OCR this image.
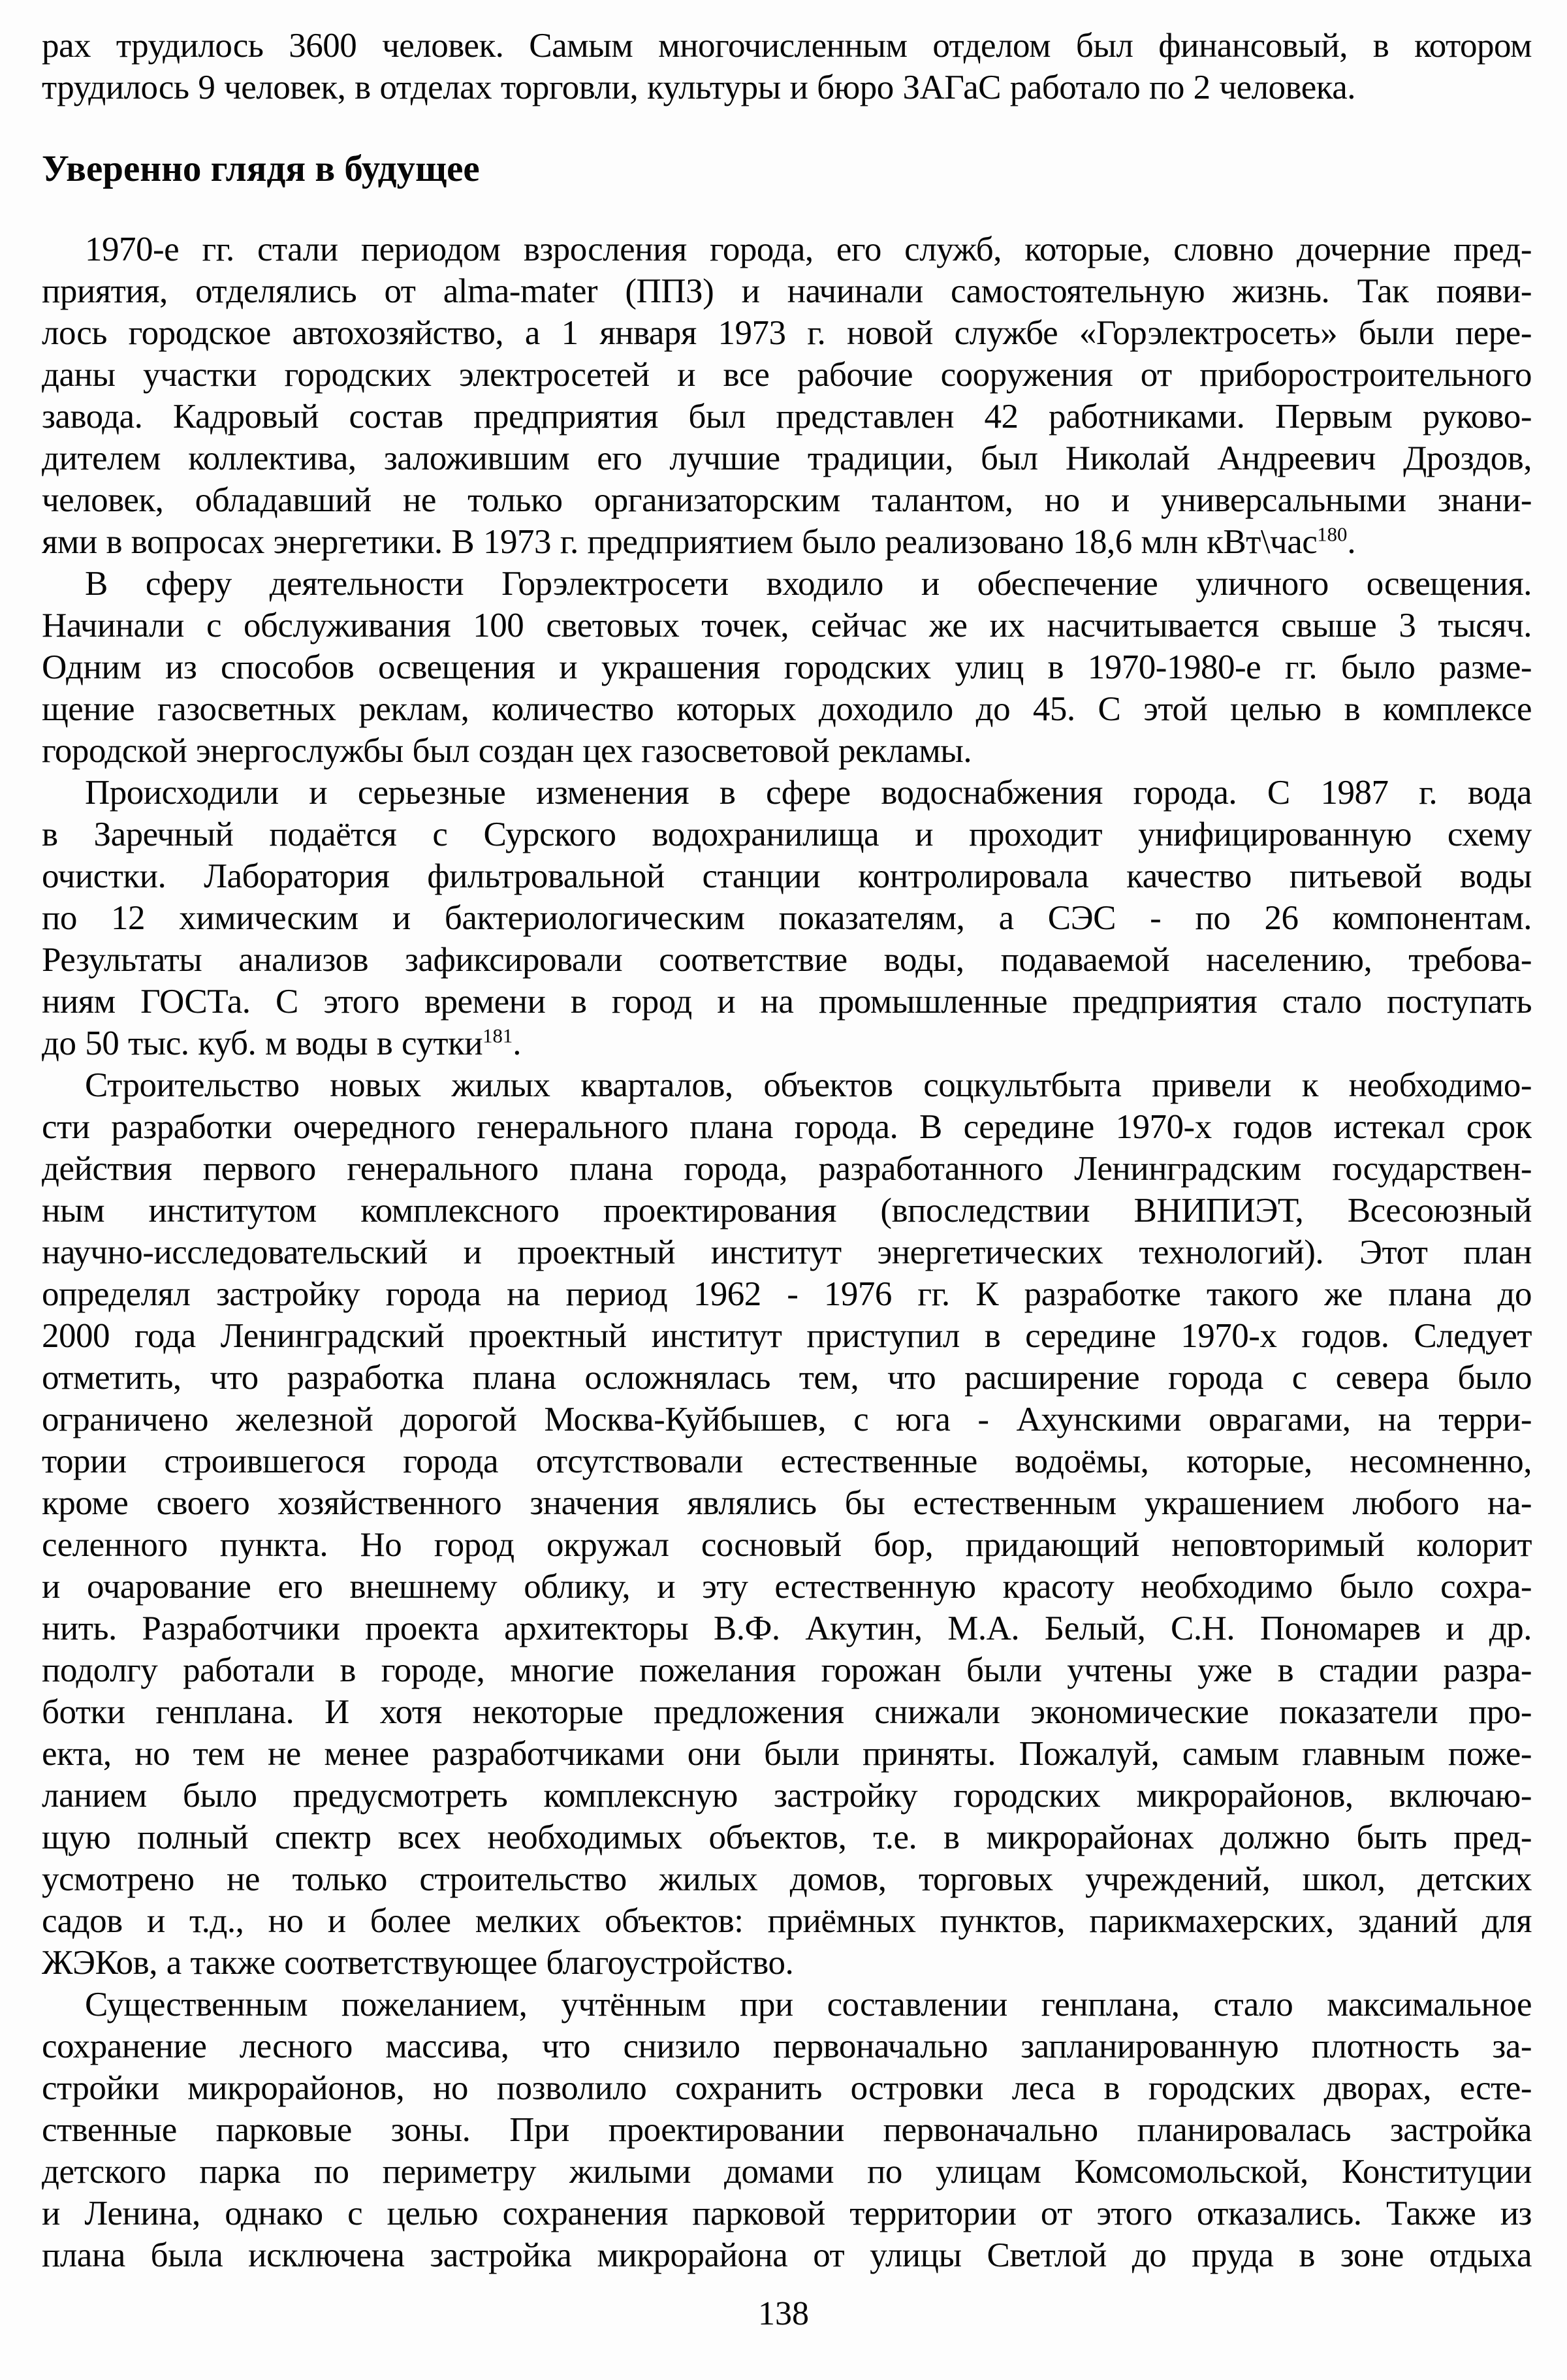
рах трудилось 3600 человек. Самым многочисленным отделом был финансовый, в котором
трудилось 9 человек, в отделах торговли, культуры и бюро ЗАГаС работало по 2 человека.
Уверенно глядя в будущее
1970-е гг. стали периодом взросления города, его служб, которые, словно дочерние пред-
приятия, отделялись от alma-mater (ППЗ) и начинали самостоятельную жизнь. Так появи-
лось городское автохозяйство, а 1 января 1973 г. новой службе «Горэлектросеть» были пере-
даны участки городских электросетей и все рабочие сооружения от приборостроительного
завода. Кадровый состав предприятия был представлен 42 работниками. Первым руково-
дителем коллектива, заложившим его лучшие традиции, был Николай Андреевич Дроздов,
человек, обладавший не только организаторским талантом, но и универсальными знани-
ями в вопросах энергетики. В 1973 г. предприятием было реализовано 18,6 млн кВт\час$^{180}$.
В сферу деятельности Горэлектросети входило и обеспечение уличного освещения.
Начинали с обслуживания 100 световых точек, сейчас же их насчитывается свыше 3 тысяч.
Одним из способов освещения и украшения городских улиц в 1970-1980-е гг. было разме-
щение газосветных реклам, количество которых доходило до 45. С этой целью в комплексе
городской энергослужбы был создан цех газосветовой рекламы.
Происходили и серьезные изменения в сфере водоснабжения города. С 1987 г. вода
в Заречный подаётся с Сурского водохранилища и проходит унифицированную схему
очистки. Лаборатория фильтровальной станции контролировала качество питьевой воды
по 12 химическим и бактериологическим показателям, а СЭС - по 26 компонентам.
Результаты анализов зафиксировали соответствие воды, подаваемой населению, требова-
ниям ГОСТа. С этого времени в город и на промышленные предприятия стало поступать
до 50 тыс. куб. м воды в сутки$^{181}$.
Строительство новых жилых кварталов, объектов соцкультбыта привели к необходимо-
сти разработки очередного генерального плана города. В середине 1970-х годов истекал срок
действия первого генерального плана города, разработанного Ленинградским государствен-
ным институтом комплексного проектирования (впоследствии ВНИПИЭТ, Всесоюзный
научно-исследовательский и проектный институт энергетических технологий). Этот план
определял застройку города на период 1962 - 1976 гг. К разработке такого же плана до
2000 года Ленинградский проектный институт приступил в середине 1970-х годов. Следует
отметить, что разработка плана осложнялась тем, что расширение города с севера было
ограничено железной дорогой Москва-Куйбышев, с юга - Ахунскими оврагами, на терри-
тории строившегося города отсутствовали естественные водоёмы, которые, несомненно,
кроме своего хозяйственного значения являлись бы естественным украшением любого на-
селенного пункта. Но город окружал сосновый бор, придающий неповторимый колорит
и очарование его внешнему облику, и эту естественную красоту необходимо было сохра-
нить. Разработчики проекта архитекторы В.Ф. Акутин, М.А. Белый, С.Н. Пономарев и др.
подолгу работали в городе, многие пожелания горожан были учтены уже в стадии разра-
ботки генплана. И хотя некоторые предложения снижали экономические показатели про-
екта, но тем не менее разработчиками они были приняты. Пожалуй, самым главным поже-
ланием было предусмотреть комплексную застройку городских микрорайонов, включаю-
щую полный спектр всех необходимых объектов, т.е. в микрорайонах должно быть пред-
усмотрено не только строительство жилых домов, торговых учреждений, школ, детских
садов и т.д., но и более мелких объектов: приёмных пунктов, парикмахерских, зданий для
ЖЭКов, а также соответствующее благоустройство.
Существенным пожеланием, учтённым при составлении генплана, стало максимальное
сохранение лесного массива, что снизило первоначально запланированную плотность за-
стройки микрорайонов, но позволило сохранить островки леса в городских дворах, есте-
ственные парковые зоны. При проектировании первоначально планировалась застройка
детского парка по периметру жилыми домами по улицам Комсомольской, Конституции
и Ленина, однако с целью сохранения парковой территории от этого отказались. Также из
плана была исключена застройка микрорайона от улицы Светлой до пруда в зоне отдыха
138
